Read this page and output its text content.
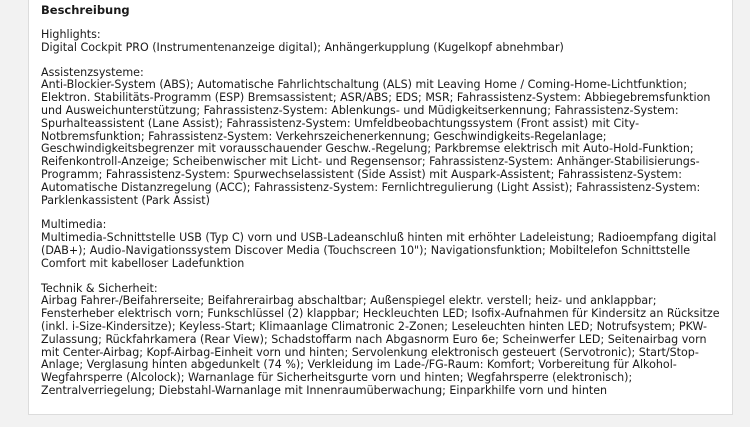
Beschreibung
Highlights:
Digital Cockpit PRO (Instrumentenanzeige digital); Anhängerkupplung (Kugelkopf abnehmbar)
Assistenzsysteme:
Anti-Blockier-System (ABS); Automatische Fahrlichtschaltung (ALS) mit Leaving Home / Coming-Home-Lichtfunktion;
Elektron. Stabilitäts-Programm (ESP) Bremsassistent; ASR/ABS; EDS; MSR; Fahrassistenz-System: Abbiegebremsfunktion
und Ausweichunterstützung; Fahrassistenz-System: Ablenkungs- und Müdigkeitserkennung; Fahrassistenz-System:
Spurhalteassistent (Lane Assist); Fahrassistenz-System: Umfeldbeobachtungssystem (Front assist) mit City-
Notbremsfunktion; Fahrassistenz-System: Verkehrszeichenerkennung; Geschwindigkeits-Regelanlage;
Geschwindigkeitsbegrenzer mit vorausschauender Geschw.-Regelung; Parkbremse elektrisch mit Auto-Hold-Funktion;
Reifenkontroll-Anzeige; Scheibenwischer mit Licht- und Regensensor; Fahrassistenz-System: Anhänger-Stabilisierungs-
Programm; Fahrassistenz-System: Spurwechselassistent (Side Assist) mit Auspark-Assistent; Fahrassistenz-System:
Automatische Distanzregelung (ACC); Fahrassistenz-System: Fernlichtregulierung (Light Assist); Fahrassistenz-System:
Parklenkassistent (Park Assist)
Multimedia:
Multimedia-Schnittstelle USB (Typ C) vorn und USB-Ladeanschluß hinten mit erhöhter Ladeleistung; Radioempfang digital
(DAB+); Audio-Navigationssystem Discover Media (Touchscreen 10"); Navigationsfunktion; Mobiltelefon Schnittstelle
Comfort mit kabelloser Ladefunktion
Technik & Sicherheit:
Airbag Fahrer-/Beifahrerseite; Beifahrerairbag abschaltbar; Außenspiegel elektr. verstell; heiz- und anklappbar;
Fensterheber elektrisch vorn; Funkschlüssel (2) klappbar; Heckleuchten LED; Isofix-Aufnahmen für Kindersitz an Rücksitze
(inkl. i-Size-Kindersitze); Keyless-Start; Klimaanlage Climatronic 2-Zonen; Leseleuchten hinten LED; Notrufsystem; PKW-
Zulassung; Rückfahrkamera (Rear View); Schadstoffarm nach Abgasnorm Euro 6e; Scheinwerfer LED; Seitenairbag vorn
mit Center-Airbag; Kopf-Airbag-Einheit vorn und hinten; Servolenkung elektronisch gesteuert (Servotronic); Start/Stop-
Anlage; Verglasung hinten abgedunkelt (74 %); Verkleidung im Lade-/FG-Raum: Komfort; Vorbereitung für Alkohol-
Wegfahrsperre (Alcolock); Warnanlage für Sicherheitsgurte vorn und hinten; Wegfahrsperre (elektronisch);
Zentralverriegelung; Diebstahl-Warnanlage mit Innenraumüberwachung; Einparkhilfe vorn und hinten
